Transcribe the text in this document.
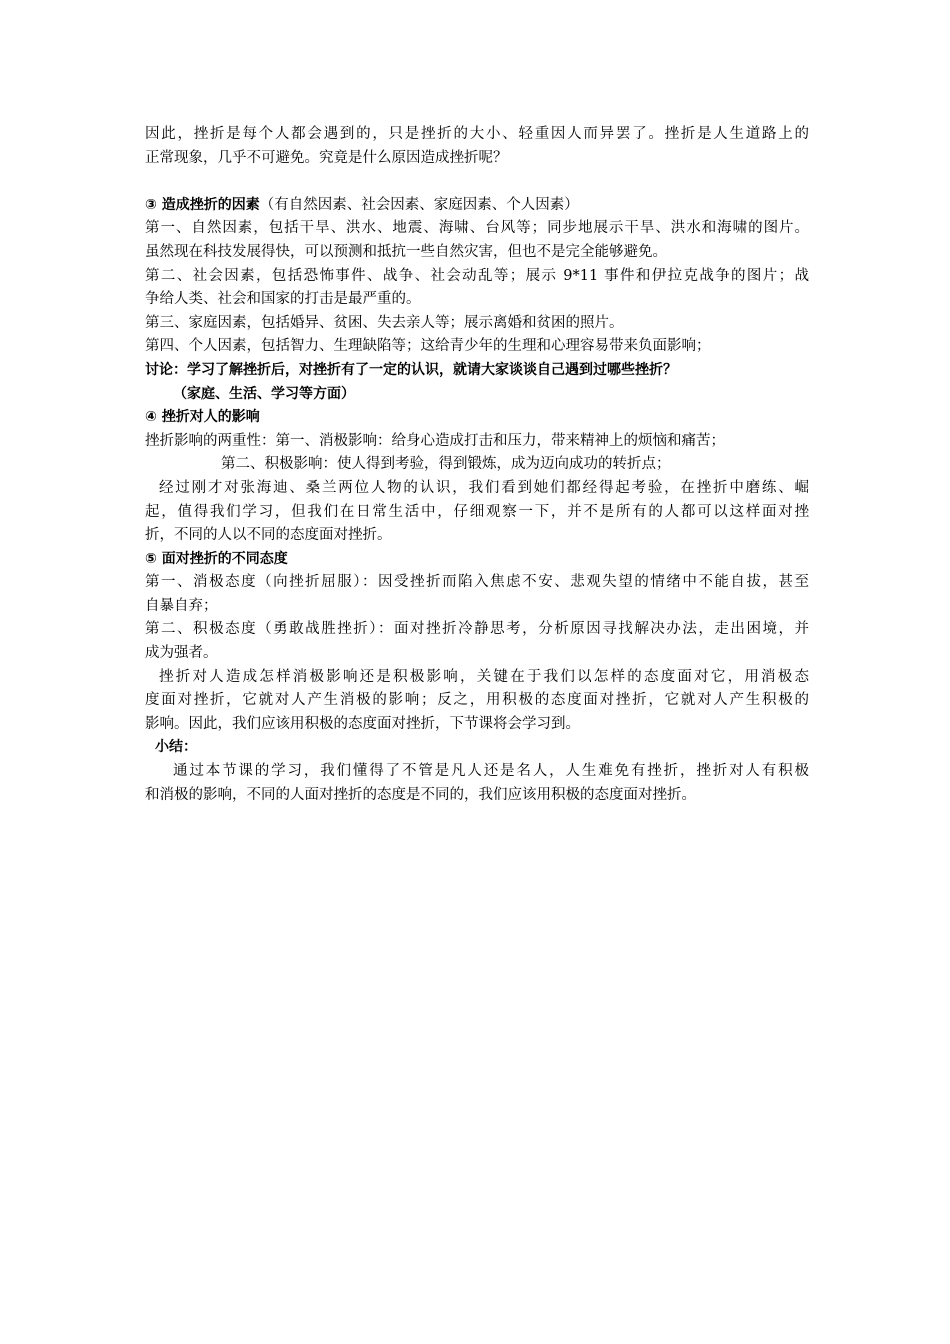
因此，挫折是每个人都会遇到的，只是挫折的大小、轻重因人而异罢了。挫折是人生道路上的
正常现象，几乎不可避免。究竟是什么原因造成挫折呢？
③ 造成挫折的因素（有自然因素、社会因素、家庭因素、个人因素）
第一、自然因素，包括干旱、洪水、地震、海啸、台风等；同步地展示干旱、洪水和海啸的图片。
虽然现在科技发展得快，可以预测和抵抗一些自然灾害，但也不是完全能够避免。
第二、社会因素，包括恐怖事件、战争、社会动乱等；展示 9*11 事件和伊拉克战争的图片；战
争给人类、社会和国家的打击是最严重的。
第三、家庭因素，包括婚异、贫困、失去亲人等；展示离婚和贫困的照片。
第四、个人因素，包括智力、生理缺陷等；这给青少年的生理和心理容易带来负面影响；
讨论：学习了解挫折后，对挫折有了一定的认识，就请大家谈谈自己遇到过哪些挫折？
（家庭、生活、学习等方面）
④ 挫折对人的影响
挫折影响的两重性：第一、消极影响：给身心造成打击和压力，带来精神上的烦恼和痛苦；
第二、积极影响：使人得到考验，得到锻炼，成为迈向成功的转折点；
经过刚才对张海迪、桑兰两位人物的认识，我们看到她们都经得起考验，在挫折中磨练、崛
起，值得我们学习，但我们在日常生活中，仔细观察一下，并不是所有的人都可以这样面对挫
折，不同的人以不同的态度面对挫折。
⑤ 面对挫折的不同态度
第一、消极态度（向挫折屈服）：因受挫折而陷入焦虑不安、悲观失望的情绪中不能自拔，甚至
自暴自弃；
第二、积极态度（勇敢战胜挫折）：面对挫折冷静思考，分析原因寻找解决办法，走出困境，并
成为强者。
挫折对人造成怎样消极影响还是积极影响，关键在于我们以怎样的态度面对它，用消极态
度面对挫折，它就对人产生消极的影响；反之，用积极的态度面对挫折，它就对人产生积极的
影响。因此，我们应该用积极的态度面对挫折，下节课将会学习到。
小结：
通过本节课的学习，我们懂得了不管是凡人还是名人，人生难免有挫折，挫折对人有积极
和消极的影响，不同的人面对挫折的态度是不同的，我们应该用积极的态度面对挫折。
